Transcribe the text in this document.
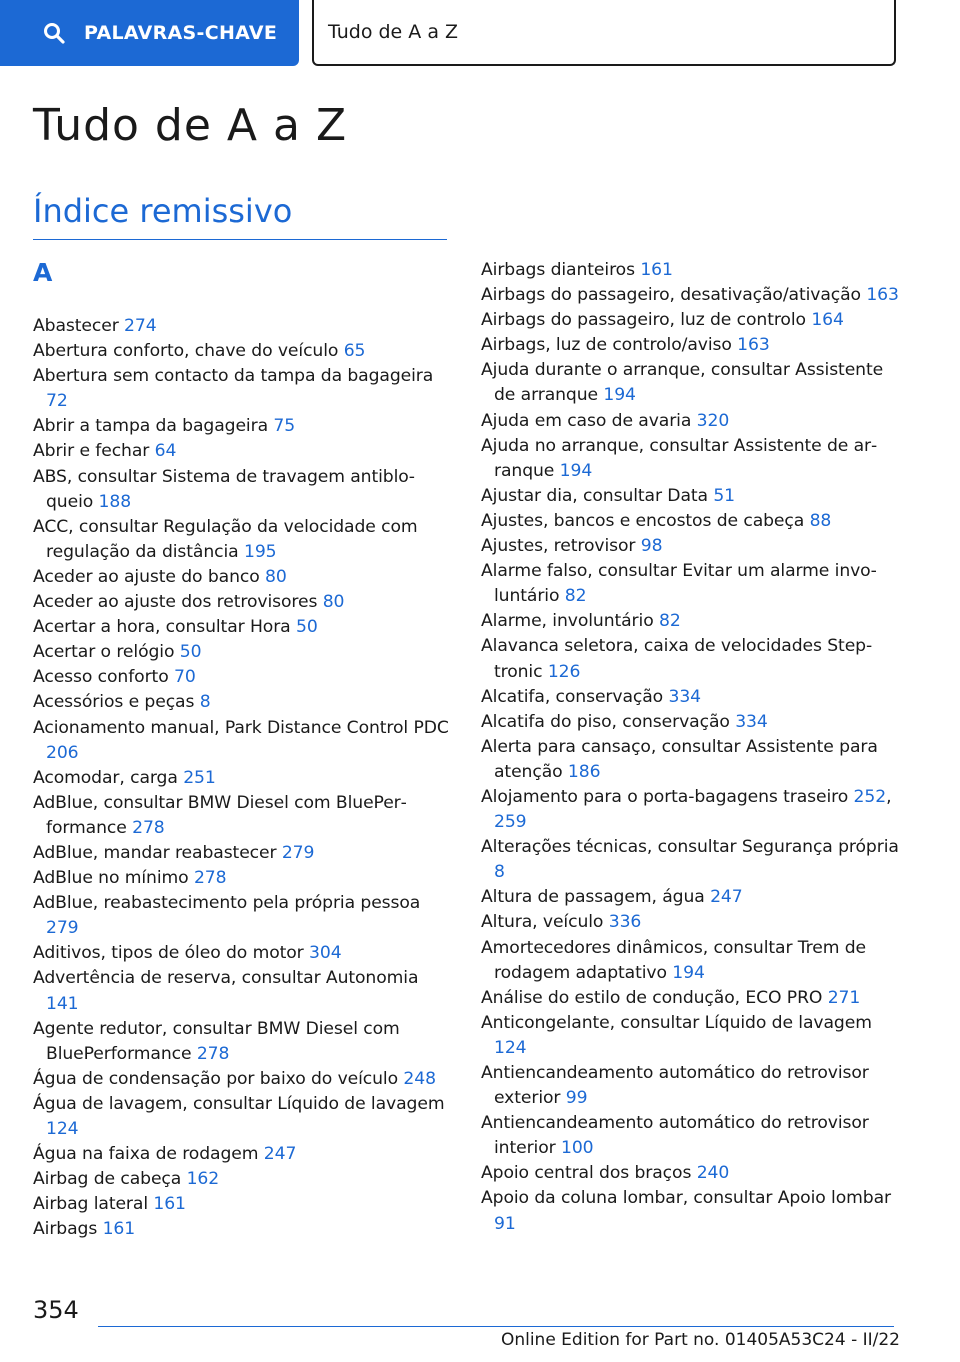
PALAVRAS-CHAVE	Tudo de A a Z
Tudo de A a Z
Índice remissivo
A
Abastecer 274
Abertura conforto, chave do veículo 65
Abertura sem contacto da tampa da bagageira 72
Abrir a tampa da bagageira 75
Abrir e fechar 64
ABS, consultar Sistema de travagem antibloqueio 188
ACC, consultar Regulação da velocidade com regulação da distância 195
Aceder ao ajuste do banco 80
Aceder ao ajuste dos retrovisores 80
Acertar a hora, consultar Hora 50
Acertar o relógio 50
Acesso conforto 70
Acessórios e peças 8
Acionamento manual, Park Distance Control PDC 206
Acomodar, carga 251
AdBlue, consultar BMW Diesel com BluePerformance 278
AdBlue, mandar reabastecer 279
AdBlue no mínimo 278
AdBlue, reabastecimento pela própria pessoa 279
Aditivos, tipos de óleo do motor 304
Advertência de reserva, consultar Autonomia 141
Agente redutor, consultar BMW Diesel com BluePerformance 278
Água de condensação por baixo do veículo 248
Água de lavagem, consultar Líquido de lavagem 124
Água na faixa de rodagem 247
Airbag de cabeça 162
Airbag lateral 161
Airbags 161
Airbags dianteiros 161
Airbags do passageiro, desativação/ativação 163
Airbags do passageiro, luz de controlo 164
Airbags, luz de controlo/aviso 163
Ajuda durante o arranque, consultar Assistente de arranque 194
Ajuda em caso de avaria 320
Ajuda no arranque, consultar Assistente de arranque 194
Ajustar dia, consultar Data 51
Ajustes, bancos e encostos de cabeça 88
Ajustes, retrovisor 98
Alarme falso, consultar Evitar um alarme involuntário 82
Alarme, involuntário 82
Alavanca seletora, caixa de velocidades Steptronic 126
Alcatifa, conservação 334
Alcatifa do piso, conservação 334
Alerta para cansaço, consultar Assistente para atenção 186
Alojamento para o porta-bagagens traseiro 252, 259
Alterações técnicas, consultar Segurança própria 8
Altura de passagem, água 247
Altura, veículo 336
Amortecedores dinâmicos, consultar Trem de rodagem adaptativo 194
Análise do estilo de condução, ECO PRO 271
Anticongelante, consultar Líquido de lavagem 124
Antiencandeamento automático do retrovisor exterior 99
Antiencandeamento automático do retrovisor interior 100
Apoio central dos braços 240
Apoio da coluna lombar, consultar Apoio lombar 91
354
Online Edition for Part no. 01405A53C24 - II/22
